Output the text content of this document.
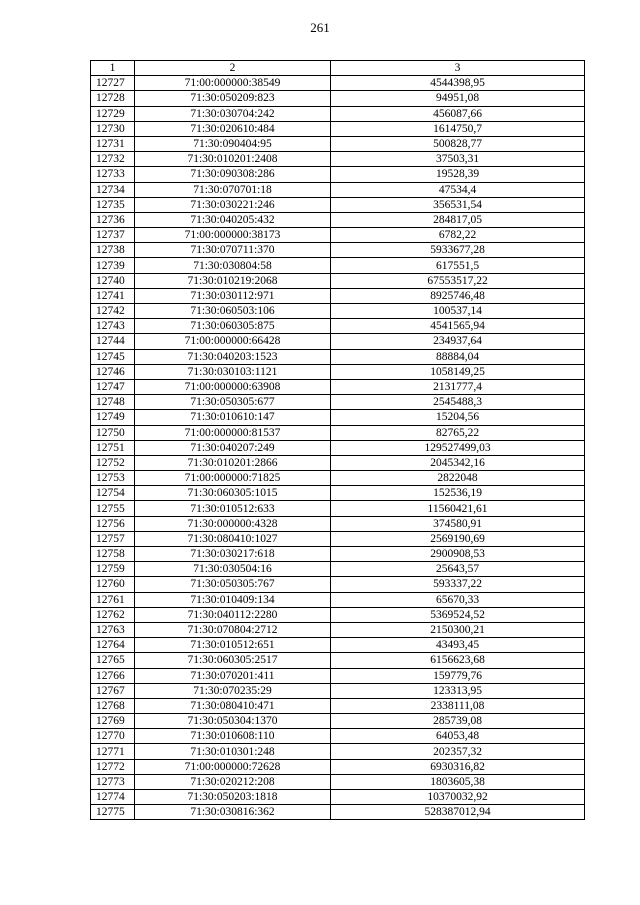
261
1	2	3
12727	71:00:000000:38549	4544398,95
12728	71:30:050209:823	94951,08
12729	71:30:030704:242	456087,66
12730	71:30:020610:484	1614750,7
12731	71:30:090404:95	500828,77
12732	71:30:010201:2408	37503,31
12733	71:30:090308:286	19528,39
12734	71:30:070701:18	47534,4
12735	71:30:030221:246	356531,54
12736	71:30:040205:432	284817,05
12737	71:00:000000:38173	6782,22
12738	71:30:070711:370	5933677,28
12739	71:30:030804:58	617551,5
12740	71:30:010219:2068	67553517,22
12741	71:30:030112:971	8925746,48
12742	71:30:060503:106	100537,14
12743	71:30:060305:875	4541565,94
12744	71:00:000000:66428	234937,64
12745	71:30:040203:1523	88884,04
12746	71:30:030103:1121	1058149,25
12747	71:00:000000:63908	2131777,4
12748	71:30:050305:677	2545488,3
12749	71:30:010610:147	15204,56
12750	71:00:000000:81537	82765,22
12751	71:30:040207:249	129527499,03
12752	71:30:010201:2866	2045342,16
12753	71:00:000000:71825	2822048
12754	71:30:060305:1015	152536,19
12755	71:30:010512:633	11560421,61
12756	71:30:000000:4328	374580,91
12757	71:30:080410:1027	2569190,69
12758	71:30:030217:618	2900908,53
12759	71:30:030504:16	25643,57
12760	71:30:050305:767	593337,22
12761	71:30:010409:134	65670,33
12762	71:30:040112:2280	5369524,52
12763	71:30:070804:2712	2150300,21
12764	71:30:010512:651	43493,45
12765	71:30:060305:2517	6156623,68
12766	71:30:070201:411	159779,76
12767	71:30:070235:29	123313,95
12768	71:30:080410:471	2338111,08
12769	71:30:050304:1370	285739,08
12770	71:30:010608:110	64053,48
12771	71:30:010301:248	202357,32
12772	71:00:000000:72628	6930316,82
12773	71:30:020212:208	1803605,38
12774	71:30:050203:1818	10370032,92
12775	71:30:030816:362	528387012,94
